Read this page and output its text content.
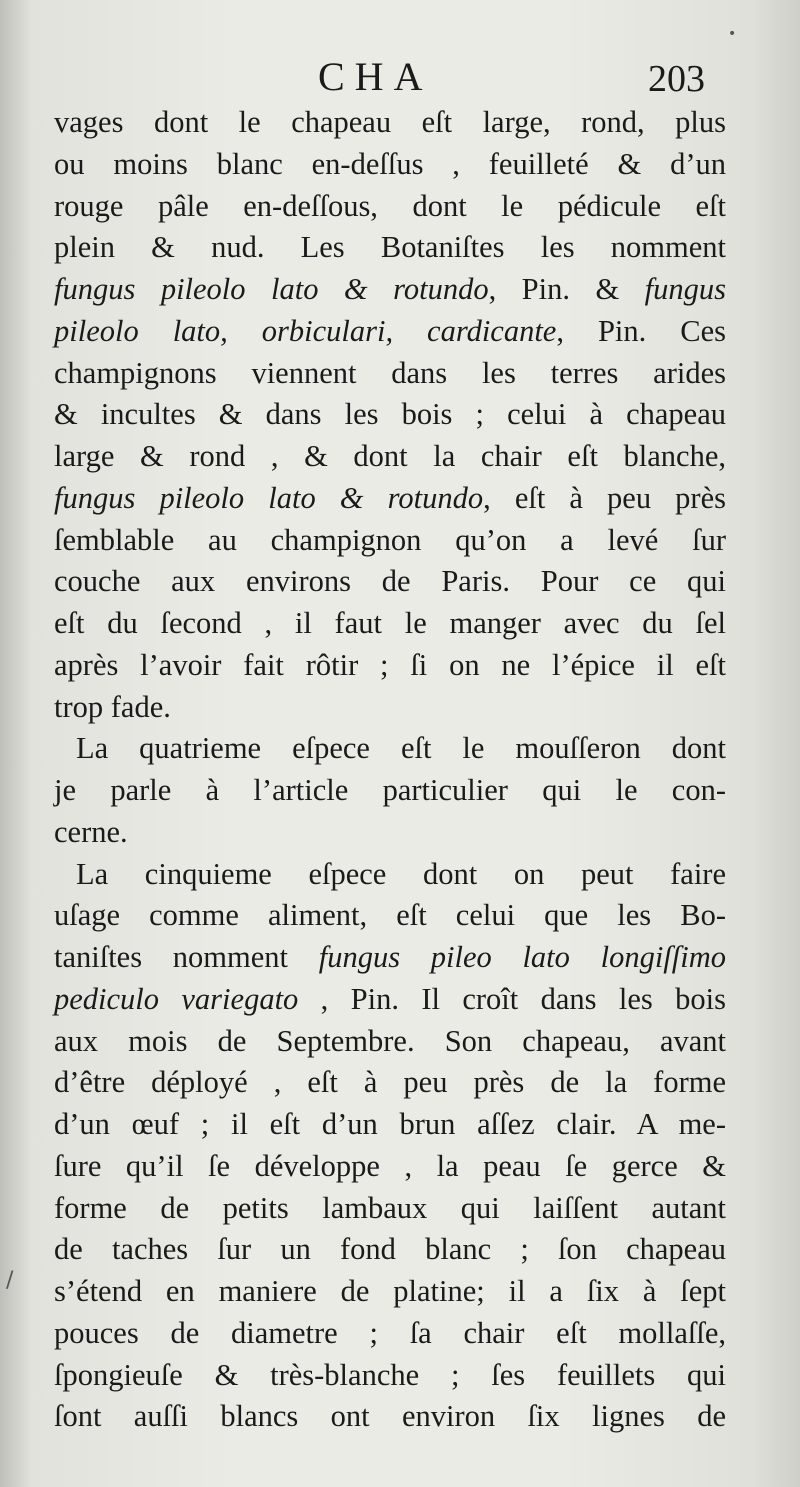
CHA	203
vages dont le chapeau eſt large, rond, plus
ou moins blanc en-deſſus , feuilleté & d’un
rouge pâle en-deſſous, dont le pédicule eſt
plein & nud. Les Botaniſtes les nomment
fungus pileolo lato & rotundo, Pin. & fungus
pileolo lato, orbiculari, cardicante, Pin. Ces
champignons viennent dans les terres arides
& incultes & dans les bois ; celui à chapeau
large & rond , & dont la chair eſt blanche,
fungus pileolo lato & rotundo, eſt à peu près
ſemblable au champignon qu’on a levé ſur
couche aux environs de Paris. Pour ce qui
eſt du ſecond , il faut le manger avec du ſel
après l’avoir fait rôtir ; ſi on ne l’épice il eſt
trop fade.
La quatrieme eſpece eſt le mouſſeron dont
je parle à l’article particulier qui le con-
cerne.
La cinquieme eſpece dont on peut faire
uſage comme aliment, eſt celui que les Bo-
taniſtes nomment fungus pileo lato longiſſimo
pediculo variegato , Pin. Il croît dans les bois
aux mois de Septembre. Son chapeau, avant
d’être déployé , eſt à peu près de la forme
d’un œuf ; il eſt d’un brun aſſez clair. A me-
ſure qu’il ſe développe , la peau ſe gerce &
forme de petits lambaux qui laiſſent autant
de taches ſur un fond blanc ; ſon chapeau
s’étend en maniere de platine; il a ſix à ſept
pouces de diametre ; ſa chair eſt mollaſſe,
ſpongieuſe & très-blanche ; ſes feuillets qui
ſont auſſi blancs ont environ ſix lignes de
•
/
